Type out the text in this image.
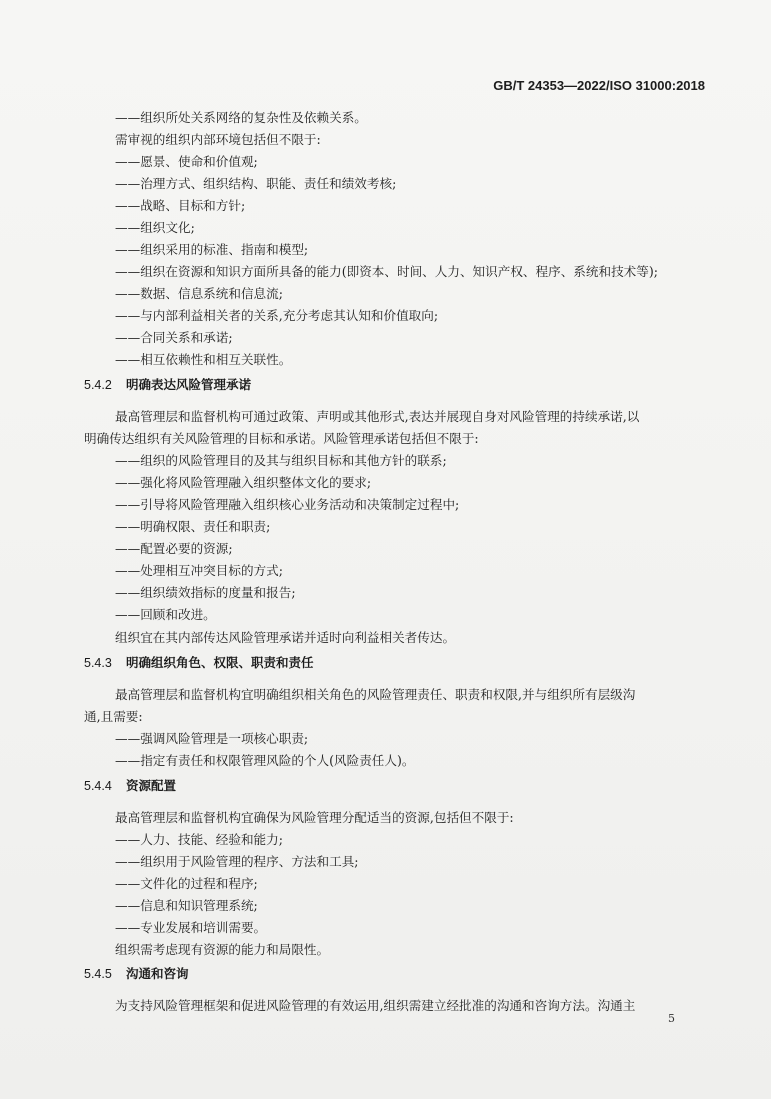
GB/T 24353—2022/ISO 31000:2018
——组织所处关系网络的复杂性及依赖关系。
需审视的组织内部环境包括但不限于:
——愿景、使命和价值观;
——治理方式、组织结构、职能、责任和绩效考核;
——战略、目标和方针;
——组织文化;
——组织采用的标准、指南和模型;
——组织在资源和知识方面所具备的能力(即资本、时间、人力、知识产权、程序、系统和技术等);
——数据、信息系统和信息流;
——与内部利益相关者的关系,充分考虑其认知和价值取向;
——合同关系和承诺;
——相互依赖性和相互关联性。
5.4.2 明确表达风险管理承诺
最高管理层和监督机构可通过政策、声明或其他形式,表达并展现自身对风险管理的持续承诺,以
明确传达组织有关风险管理的目标和承诺。风险管理承诺包括但不限于:
——组织的风险管理目的及其与组织目标和其他方针的联系;
——强化将风险管理融入组织整体文化的要求;
——引导将风险管理融入组织核心业务活动和决策制定过程中;
——明确权限、责任和职责;
——配置必要的资源;
——处理相互冲突目标的方式;
——组织绩效指标的度量和报告;
——回顾和改进。
组织宜在其内部传达风险管理承诺并适时向利益相关者传达。
5.4.3 明确组织角色、权限、职责和责任
最高管理层和监督机构宜明确组织相关角色的风险管理责任、职责和权限,并与组织所有层级沟
通,且需要:
——强调风险管理是一项核心职责;
——指定有责任和权限管理风险的个人(风险责任人)。
5.4.4 资源配置
最高管理层和监督机构宜确保为风险管理分配适当的资源,包括但不限于:
——人力、技能、经验和能力;
——组织用于风险管理的程序、方法和工具;
——文件化的过程和程序;
——信息和知识管理系统;
——专业发展和培训需要。
组织需考虑现有资源的能力和局限性。
5.4.5 沟通和咨询
为支持风险管理框架和促进风险管理的有效运用,组织需建立经批准的沟通和咨询方法。沟通主
5
